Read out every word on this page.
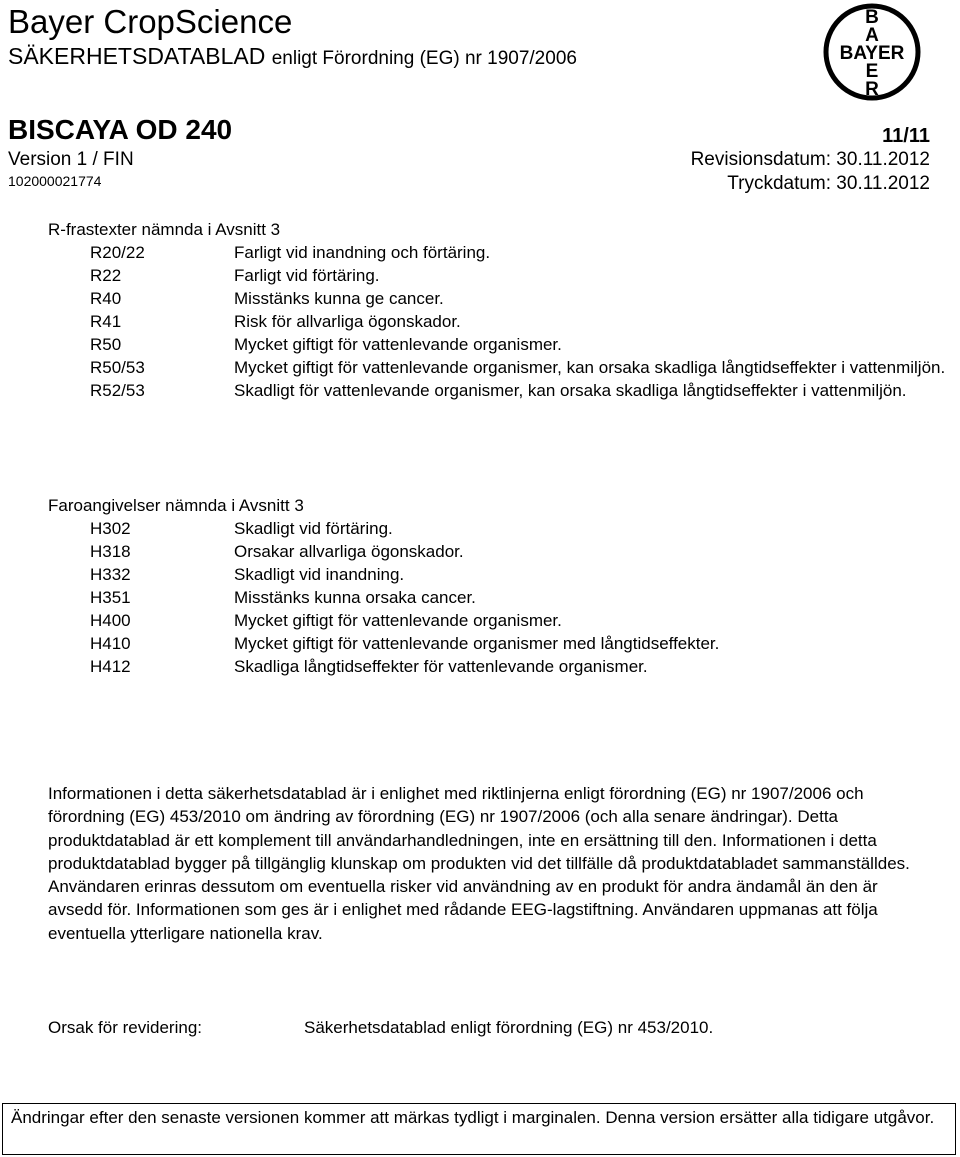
Bayer CropScience
SÄKERHETSDATABLAD enligt Förordning (EG) nr 1907/2006
B
A
BAYER
E
R
BISCAYA OD 240	11/11
Version 1 / FIN	Revisionsdatum: 30.11.2012
102000021774	Tryckdatum: 30.11.2012
R-frastexter nämnda i Avsnitt 3
R20/22	Farligt vid inandning och förtäring.
R22	Farligt vid förtäring.
R40	Misstänks kunna ge cancer.
R41	Risk för allvarliga ögonskador.
R50	Mycket giftigt för vattenlevande organismer.
R50/53	Mycket giftigt för vattenlevande organismer, kan orsaka skadliga långtidseffekter i vattenmiljön.
R52/53	Skadligt för vattenlevande organismer, kan orsaka skadliga långtidseffekter i vattenmiljön.
Faroangivelser nämnda i Avsnitt 3
H302	Skadligt vid förtäring.
H318	Orsakar allvarliga ögonskador.
H332	Skadligt vid inandning.
H351	Misstänks kunna orsaka cancer.
H400	Mycket giftigt för vattenlevande organismer.
H410	Mycket giftigt för vattenlevande organismer med långtidseffekter.
H412	Skadliga långtidseffekter för vattenlevande organismer.
Informationen i detta säkerhetsdatablad är i enlighet med riktlinjerna enligt förordning (EG) nr 1907/2006 och förordning (EG) 453/2010 om ändring av förordning (EG) nr 1907/2006 (och alla senare ändringar). Detta produktdatablad är ett komplement till användarhandledningen, inte en ersättning till den. Informationen i detta produktdatablad bygger på tillgänglig klunskap om produkten vid det tillfälle då produktdatabladet sammanställdes. Användaren erinras dessutom om eventuella risker vid användning av en produkt för andra ändamål än den är avsedd för. Informationen som ges är i enlighet med rådande EEG-lagstiftning. Användaren uppmanas att följa eventuella ytterligare nationella krav.
Orsak för revidering:	Säkerhetsdatablad enligt förordning (EG) nr 453/2010.
Ändringar efter den senaste versionen kommer att märkas tydligt i marginalen. Denna version ersätter alla tidigare utgåvor.
